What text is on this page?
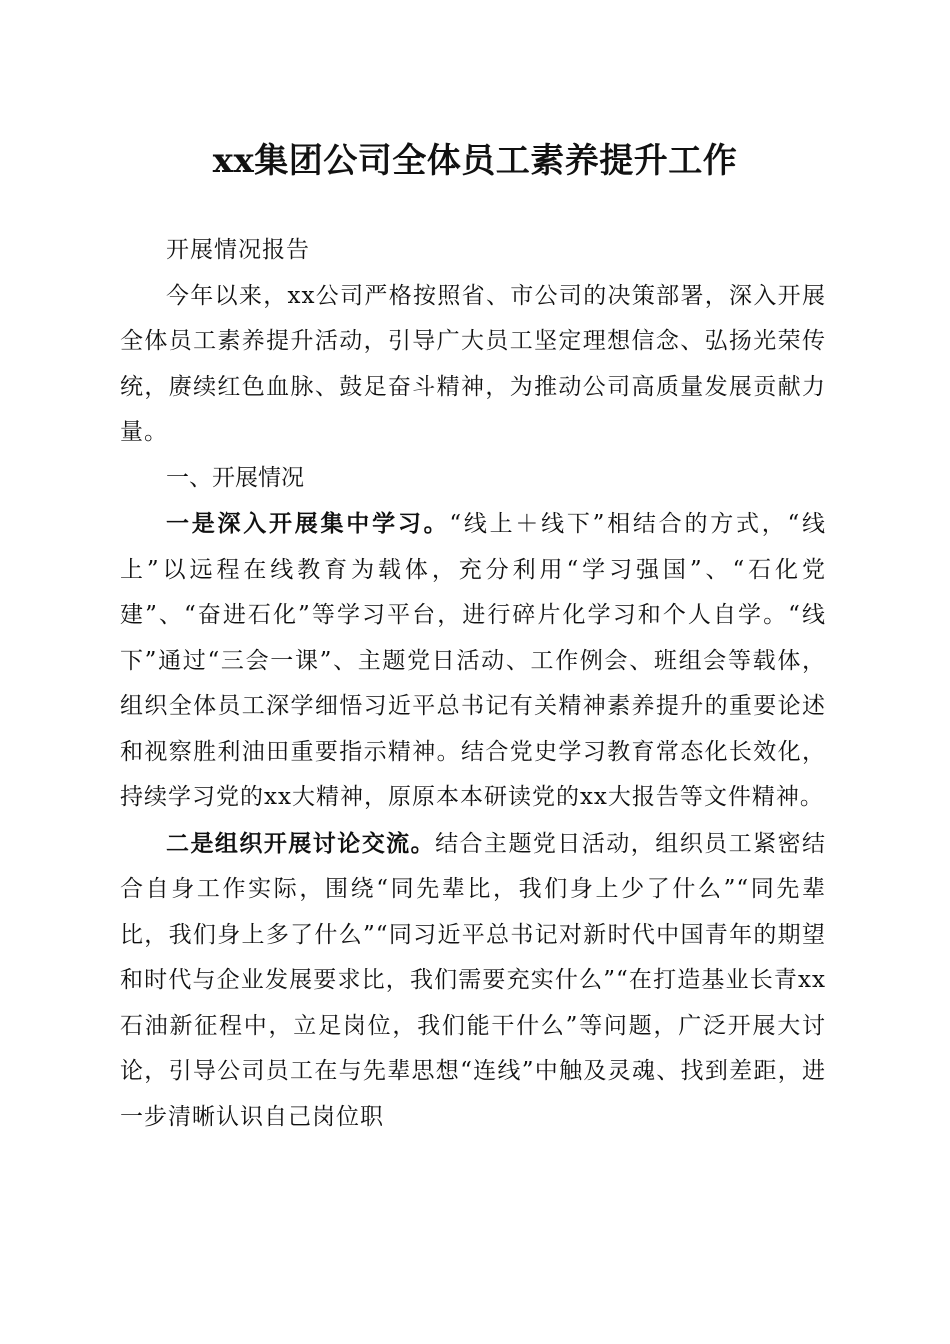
xx集团公司全体员工素养提升工作

开展情况报告

今年以来，xx公司严格按照省、市公司的决策部署，深入开展全体员工素养提升活动，引导广大员工坚定理想信念、弘扬光荣传统，赓续红色血脉、鼓足奋斗精神，为推动公司高质量发展贡献力量。

一、开展情况

一是深入开展集中学习。“线上＋线下”相结合的方式，“线上”以远程在线教育为载体，充分利用“学习强国”、“石化党建”、“奋进石化”等学习平台，进行碎片化学习和个人自学。“线下”通过“三会一课”、主题党日活动、工作例会、班组会等载体，组织全体员工深学细悟习近平总书记有关精神素养提升的重要论述和视察胜利油田重要指示精神。结合党史学习教育常态化长效化，持续学习党的xx大精神，原原本本研读党的xx大报告等文件精神。

二是组织开展讨论交流。结合主题党日活动，组织员工紧密结合自身工作实际，围绕“同先辈比，我们身上少了什么”“同先辈比，我们身上多了什么”“同习近平总书记对新时代中国青年的期望和时代与企业发展要求比，我们需要充实什么”“在打造基业长青xx石油新征程中，立足岗位，我们能干什么”等问题，广泛开展大讨论，引导公司员工在与先辈思想“连线”中触及灵魂、找到差距，进一步清晰认识自己岗位职
